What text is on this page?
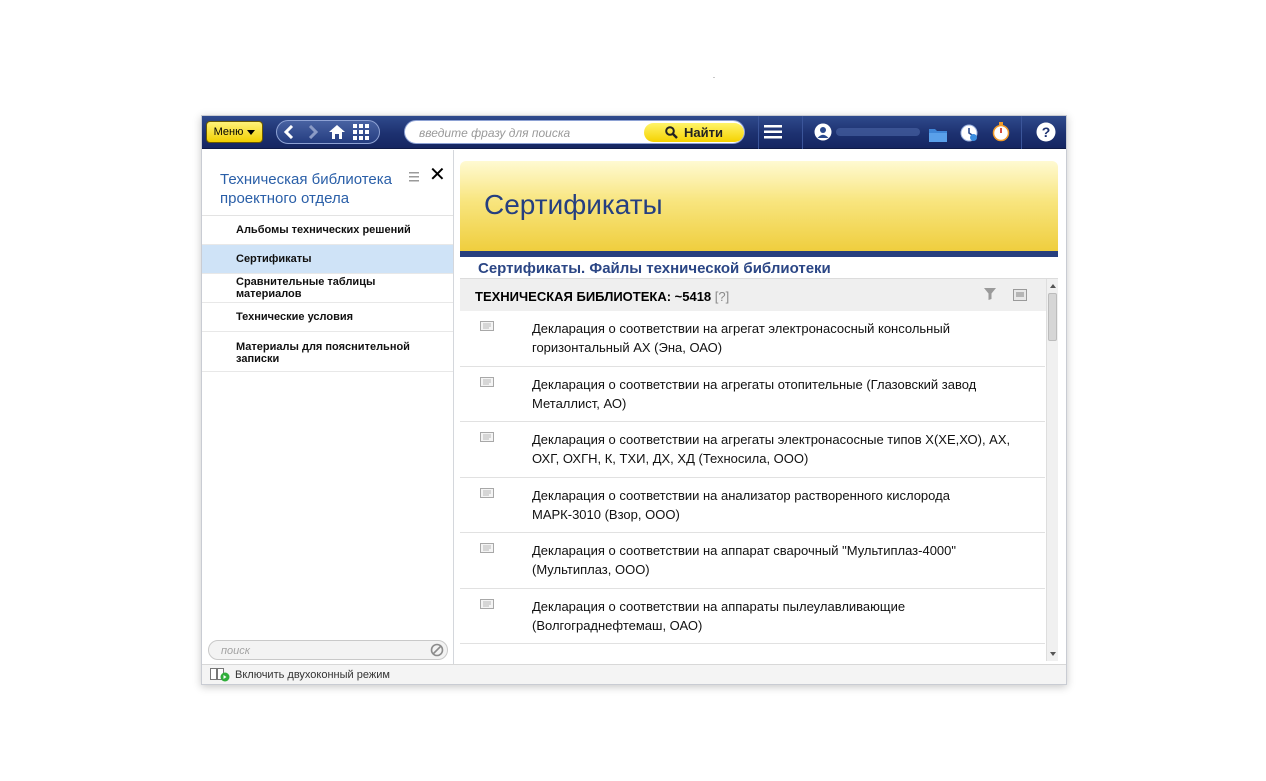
Меню
введите фразу для поиска	Найти	?
Техническая библиотека проектного отдела
✕
Альбомы технических решений
Сертификаты
Сравнительные таблицы материалов
Технические условия
Материалы для пояснительной записки
поиск
Сертификаты
Сертификаты. Файлы технической библиотеки
ТЕХНИЧЕСКАЯ БИБЛИОТЕКА: ~5418 [?]
Декларация о соответствии на агрегат электронасосный консольный горизонтальный АХ (Эна, ОАО)
Декларация о соответствии на агрегаты отопительные (Глазовский завод Металлист, АО)
Декларация о соответствии на агрегаты электронасосные типов Х(ХЕ,ХО), АХ, ОХГ, ОХГН, К, ТХИ, ДХ, ХД (Техносила, ООО)
Декларация о соответствии на анализатор растворенного кислорода МАРК-3010 (Взор, ООО)
Декларация о соответствии на аппарат сварочный "Мультиплаз-4000" (Мультиплаз, ООО)
Декларация о соответствии на аппараты пылеулавливающие (Волгограднефтемаш, ОАО)
Включить двухоконный режим
